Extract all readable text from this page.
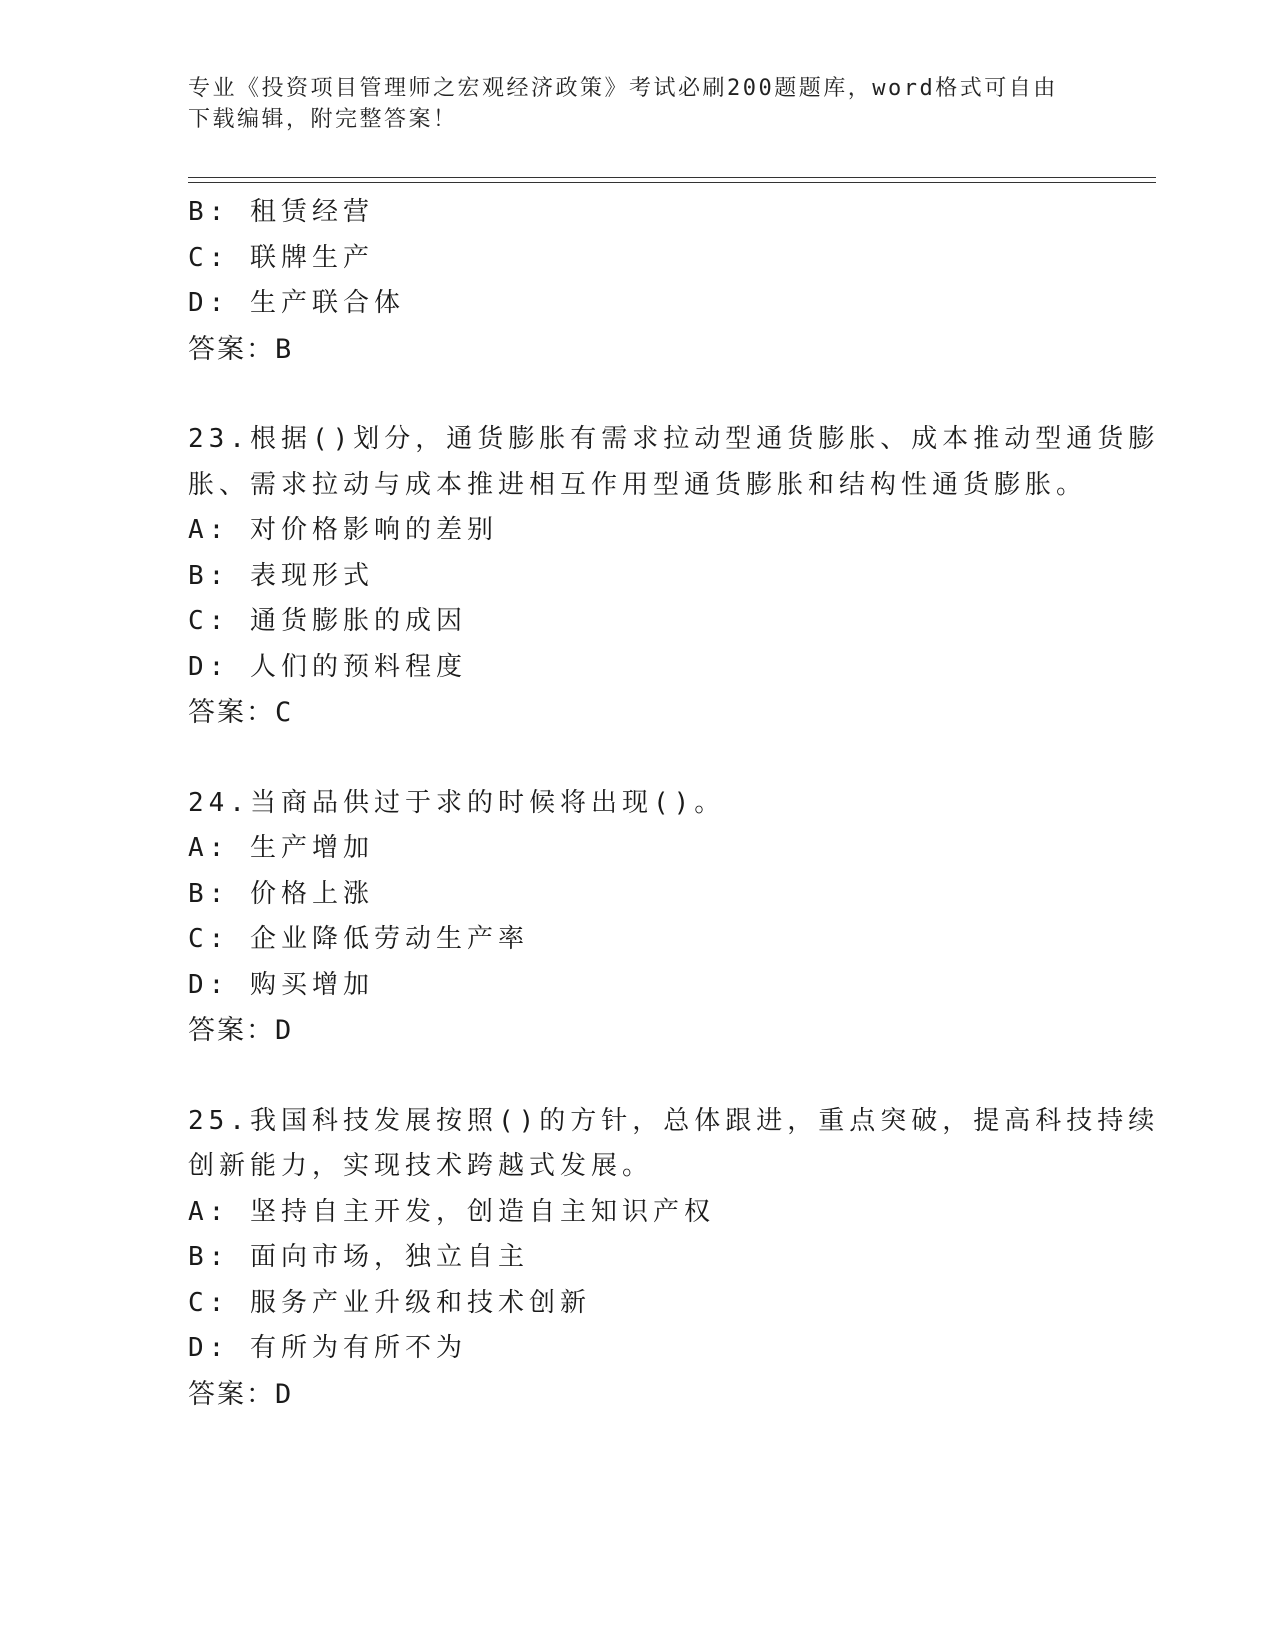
专业《投资项目管理师之宏观经济政策》考试必刷200题题库，word格式可自由
下载编辑，附完整答案！
B: 租赁经营
C: 联牌生产
D: 生产联合体
答案：B
23.根据()划分，通货膨胀有需求拉动型通货膨胀、成本推动型通货膨
胀、需求拉动与成本推进相互作用型通货膨胀和结构性通货膨胀。
A: 对价格影响的差别
B: 表现形式
C: 通货膨胀的成因
D: 人们的预料程度
答案：C
24.当商品供过于求的时候将出现()。
A: 生产增加
B: 价格上涨
C: 企业降低劳动生产率
D: 购买增加
答案：D
25.我国科技发展按照()的方针，总体跟进，重点突破，提高科技持续
创新能力，实现技术跨越式发展。
A: 坚持自主开发，创造自主知识产权
B: 面向市场，独立自主
C: 服务产业升级和技术创新
D: 有所为有所不为
答案：D
